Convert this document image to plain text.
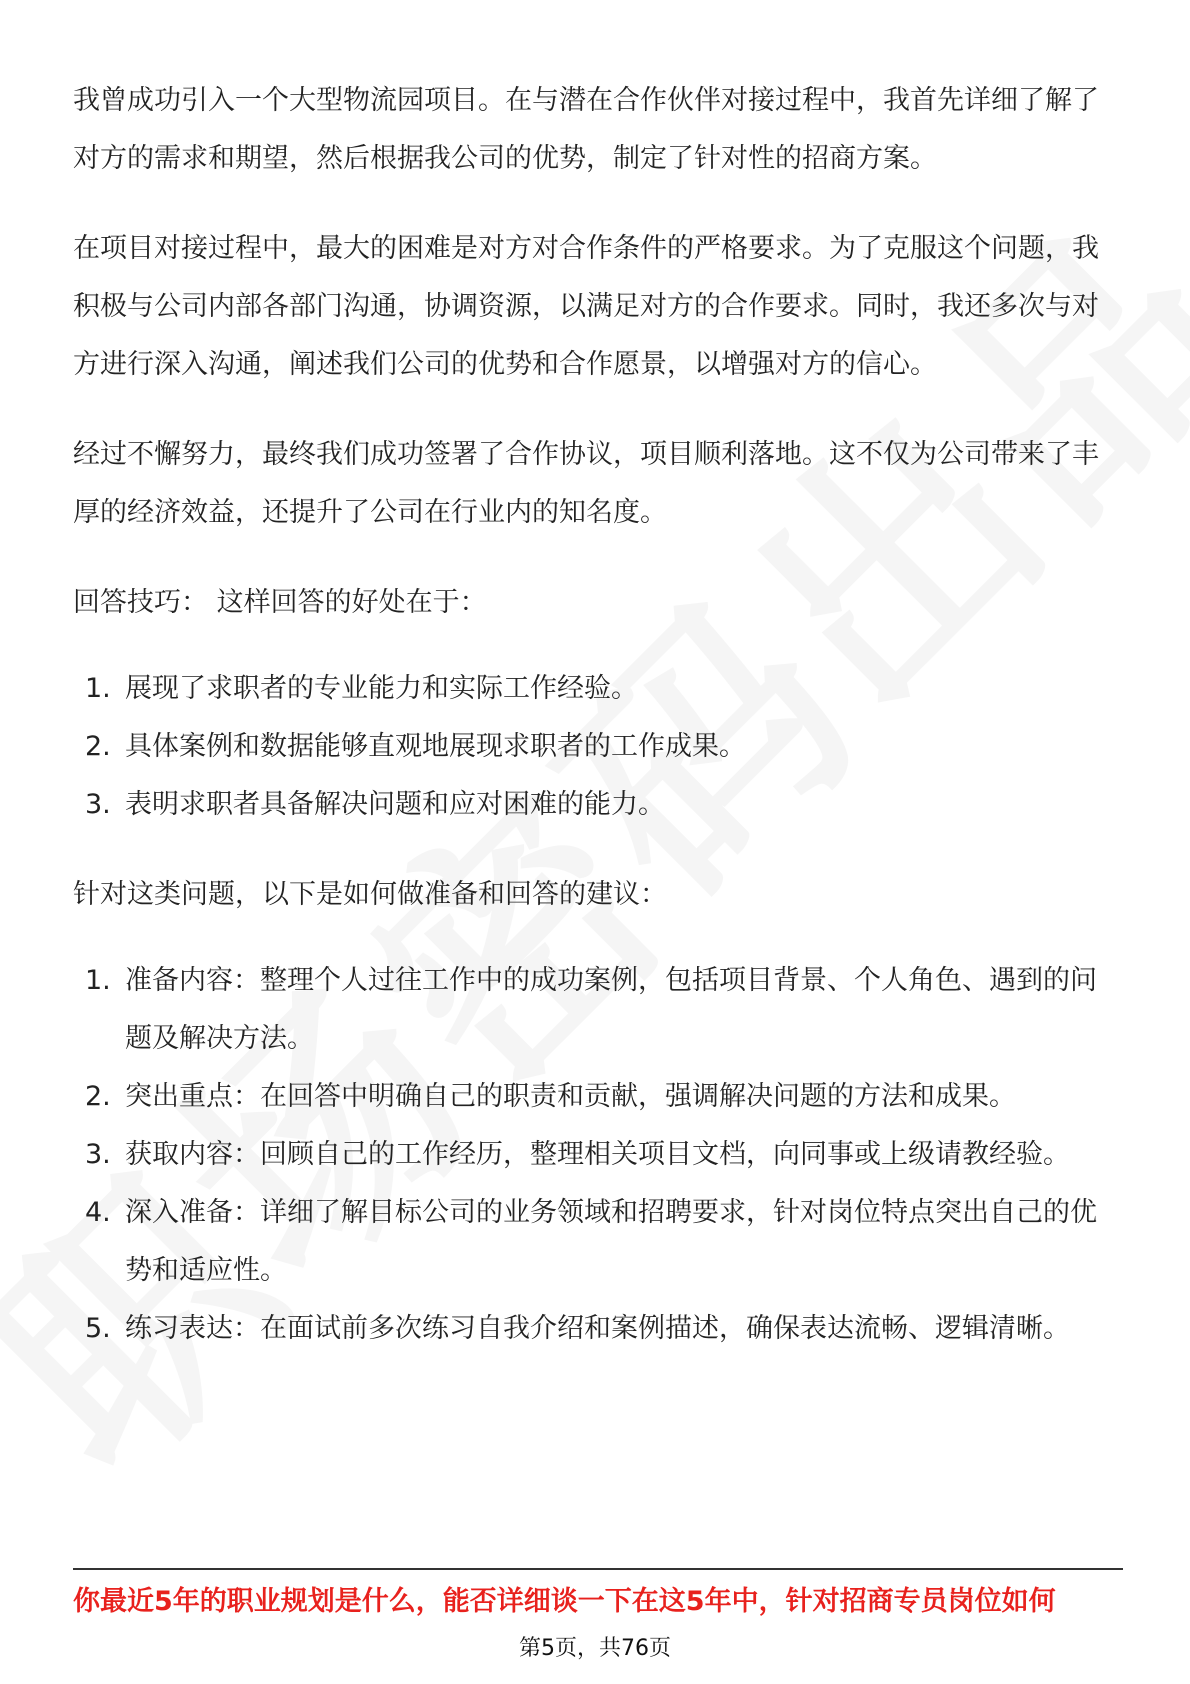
我曾成功引入一个大型物流园项目。在与潜在合作伙伴对接过程中，我首先详细了解了对方的需求和期望，然后根据我公司的优势，制定了针对性的招商方案。

在项目对接过程中，最大的困难是对方对合作条件的严格要求。为了克服这个问题，我积极与公司内部各部门沟通，协调资源，以满足对方的合作要求。同时，我还多次与对方进行深入沟通，阐述我们公司的优势和合作愿景，以增强对方的信心。

经过不懈努力，最终我们成功签署了合作协议，项目顺利落地。这不仅为公司带来了丰厚的经济效益，还提升了公司在行业内的知名度。

回答技巧： 这样回答的好处在于：

1. 展现了求职者的专业能力和实际工作经验。
2. 具体案例和数据能够直观地展现求职者的工作成果。
3. 表明求职者具备解决问题和应对困难的能力。

针对这类问题，以下是如何做准备和回答的建议：

1. 准备内容：整理个人过往工作中的成功案例，包括项目背景、个人角色、遇到的问题及解决方法。
2. 突出重点：在回答中明确自己的职责和贡献，强调解决问题的方法和成果。
3. 获取内容：回顾自己的工作经历，整理相关项目文档，向同事或上级请教经验。
4. 深入准备：详细了解目标公司的业务领域和招聘要求，针对岗位特点突出自己的优势和适应性。
5. 练习表达：在面试前多次练习自我介绍和案例描述，确保表达流畅、逻辑清晰。
你最近5年的职业规划是什么，能否详细谈一下在这5年中，针对招商专员岗位如何
第5页，共76页
